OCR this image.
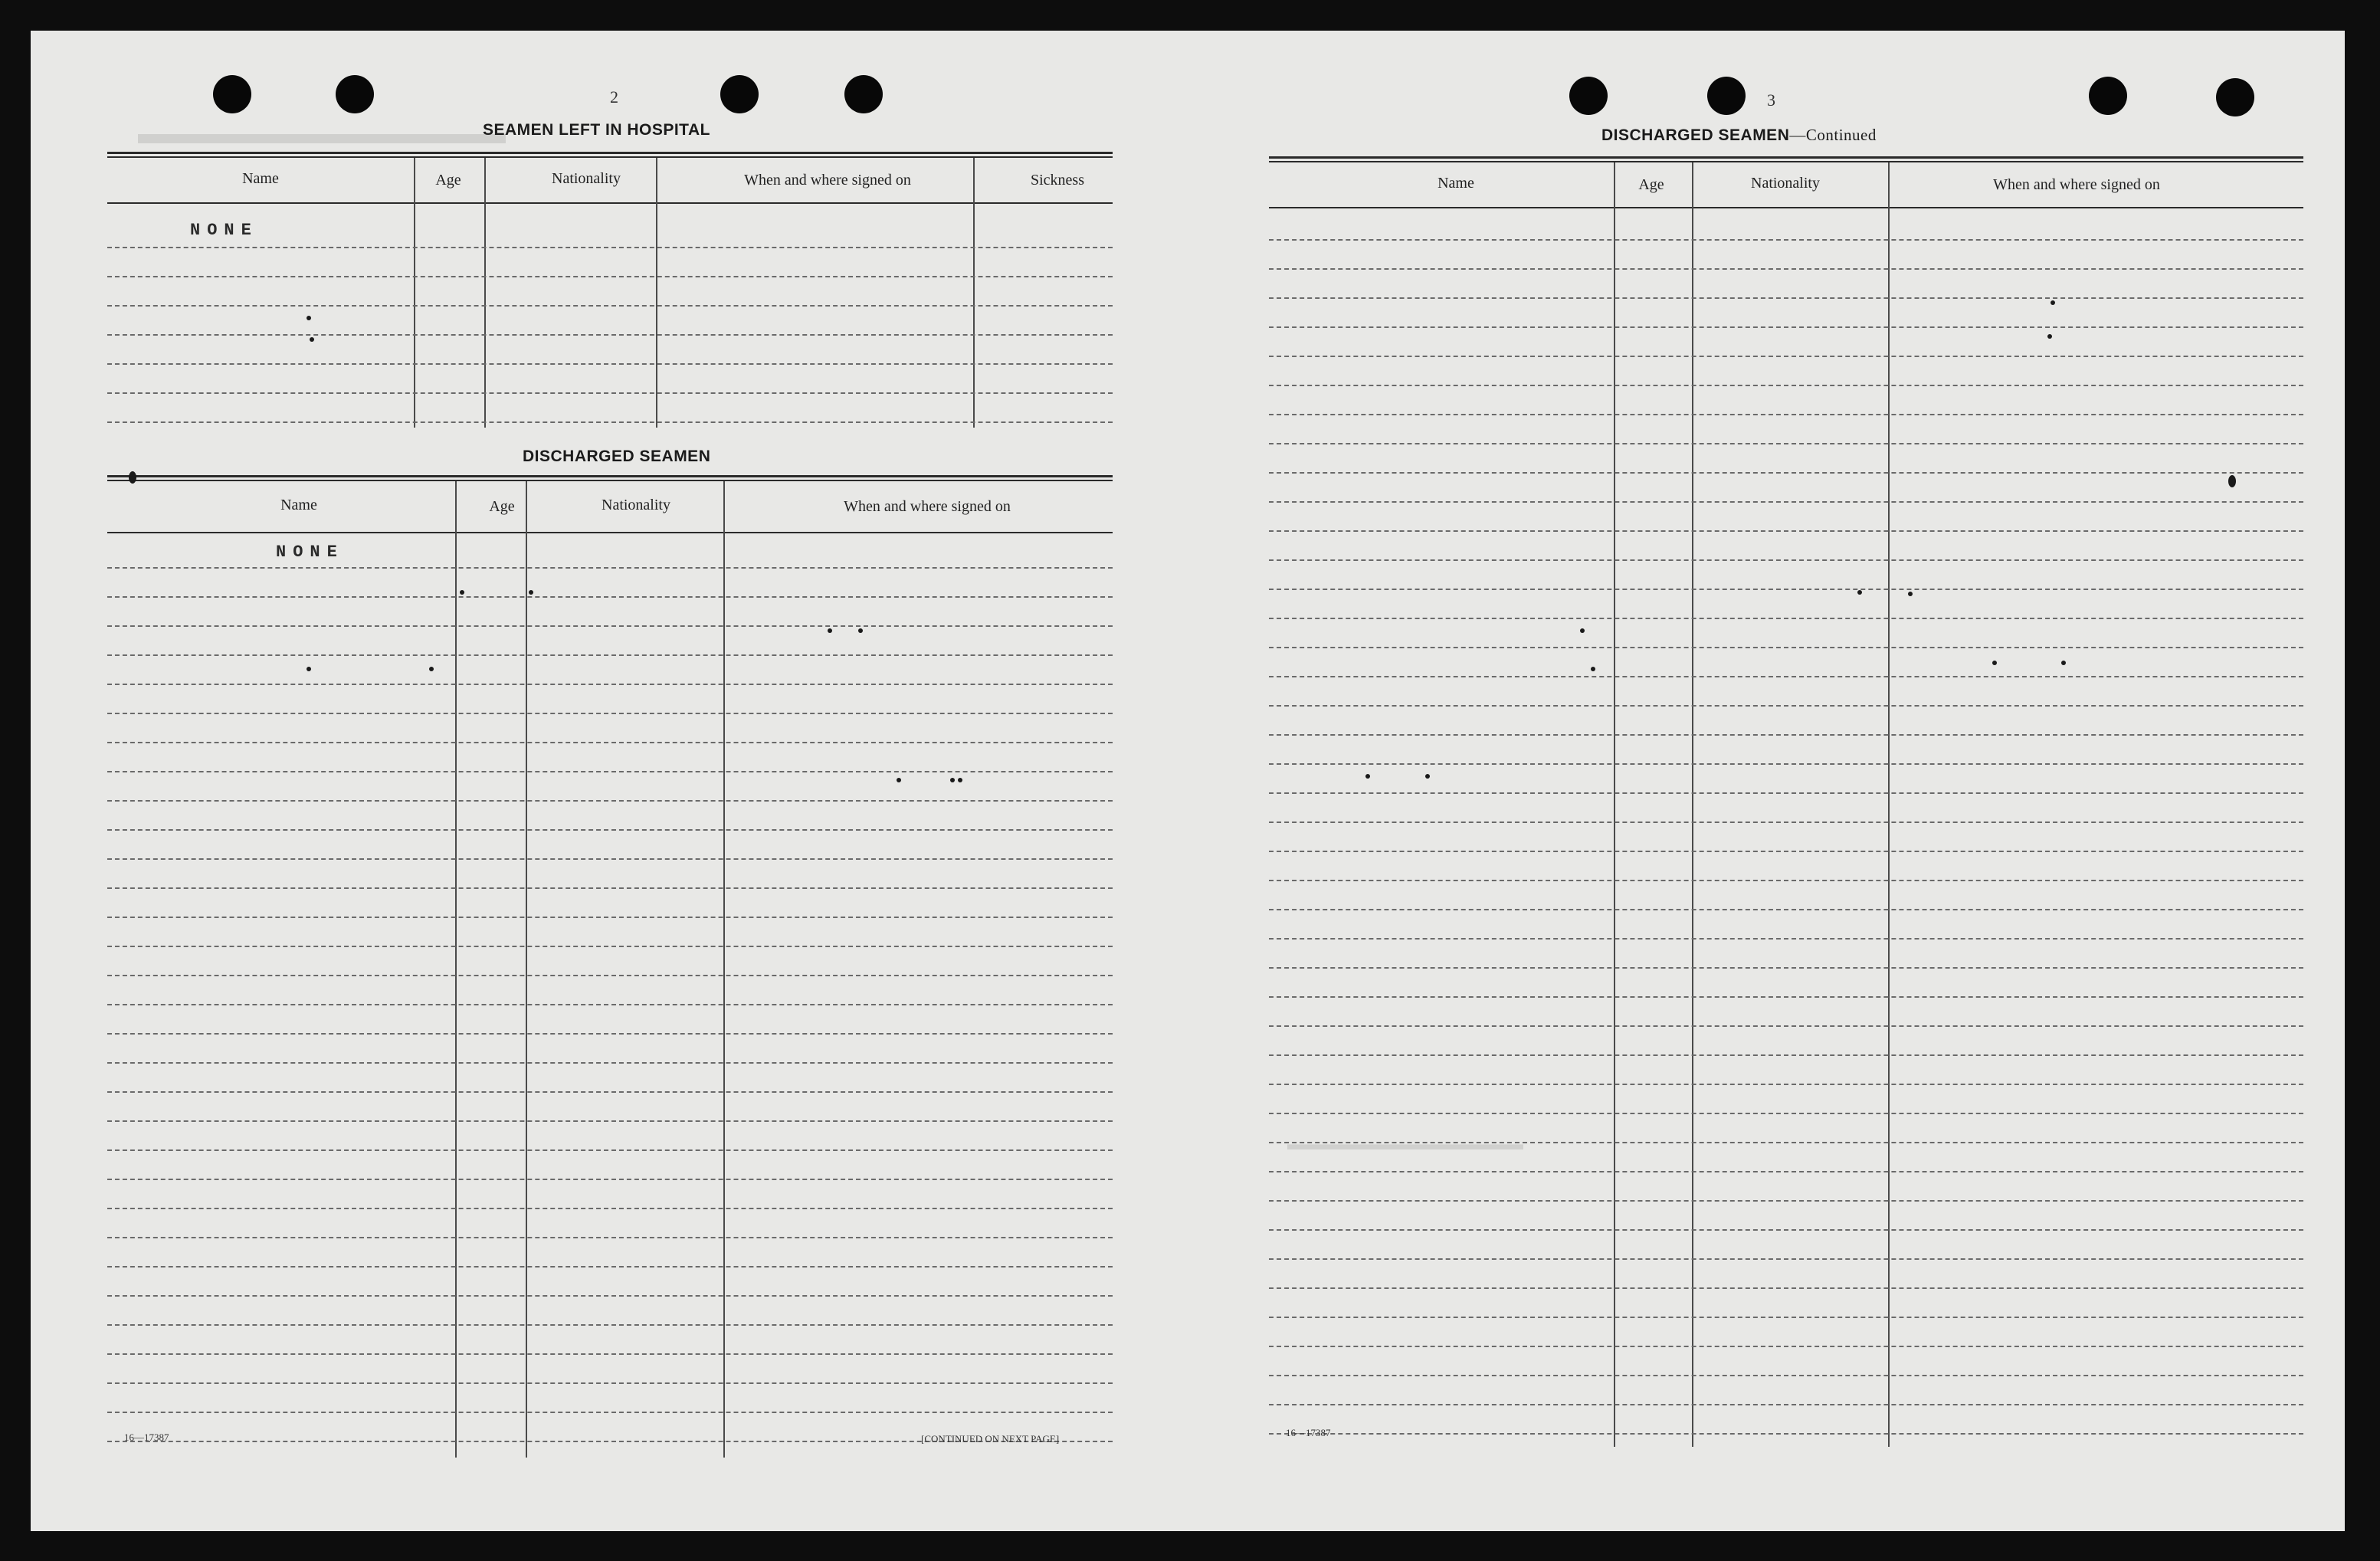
▬▬▬▬▬▬▬▬▬▬▬▬
▬▬▬▬▬▬▬▬▬▬▬▬▬▬
2
SEAMEN LEFT IN HOSPITAL
Name	Age	Nationality	When and where signed on	Sickness
NONE
DISCHARGED SEAMEN
Name	Age	Nationality	When and where signed on
NONE
16—17387	[CONTINUED ON NEXT PAGE]
3
DISCHARGED SEAMEN—Continued
Name	Age	Nationality	When and where signed on
16—17387
